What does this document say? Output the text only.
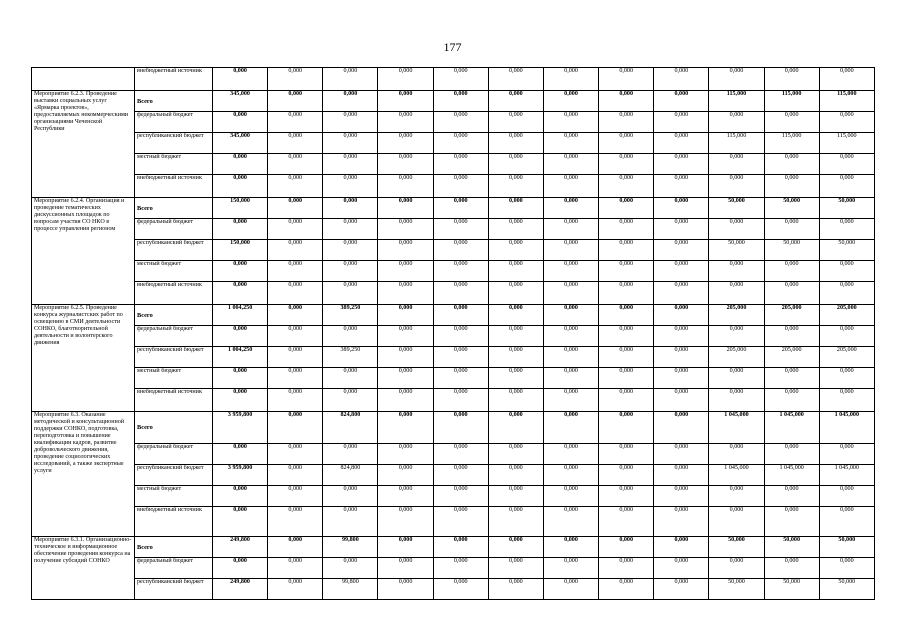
177
	внебюджетный источник	0,000	0,000	0,000	0,000	0,000	0,000	0,000	0,000	0,000	0,000	0,000	0,000
Мероприятие 6.2.3. Проведение выставки социальных услуг «Ярмарка проектов», предоставляемых некоммерческими организациями Чеченской Республики	Всего	345,000	0,000	0,000	0,000	0,000	0,000	0,000	0,000	0,000	115,000	115,000	115,000
	федеральный бюджет	0,000	0,000	0,000	0,000	0,000	0,000	0,000	0,000	0,000	0,000	0,000	0,000
	республиканский бюджет	345,000	0,000	0,000	0,000	0,000	0,000	0,000	0,000	0,000	115,000	115,000	115,000
	местный бюджет	0,000	0,000	0,000	0,000	0,000	0,000	0,000	0,000	0,000	0,000	0,000	0,000
	внебюджетный источник	0,000	0,000	0,000	0,000	0,000	0,000	0,000	0,000	0,000	0,000	0,000	0,000
Мероприятие 6.2.4. Организация и проведение тематических дискуссионных площадок по вопросам участия СО НКО в процессе управления регионом	Всего	150,000	0,000	0,000	0,000	0,000	0,000	0,000	0,000	0,000	50,000	50,000	50,000
	федеральный бюджет	0,000	0,000	0,000	0,000	0,000	0,000	0,000	0,000	0,000	0,000	0,000	0,000
	республиканский бюджет	150,000	0,000	0,000	0,000	0,000	0,000	0,000	0,000	0,000	50,000	50,000	50,000
	местный бюджет	0,000	0,000	0,000	0,000	0,000	0,000	0,000	0,000	0,000	0,000	0,000	0,000
	внебюджетный источник	0,000	0,000	0,000	0,000	0,000	0,000	0,000	0,000	0,000	0,000	0,000	0,000
Мероприятие 6.2.5. Проведение конкурса журналистских работ по освещению в СМИ деятельности СОНКО, благотворительной деятельности и волонтерского движения	Всего	1 004,250	0,000	389,250	0,000	0,000	0,000	0,000	0,000	0,000	205,000	205,000	205,000
	федеральный бюджет	0,000	0,000	0,000	0,000	0,000	0,000	0,000	0,000	0,000	0,000	0,000	0,000
	республиканский бюджет	1 004,250	0,000	389,250	0,000	0,000	0,000	0,000	0,000	0,000	205,000	205,000	205,000
	местный бюджет	0,000	0,000	0,000	0,000	0,000	0,000	0,000	0,000	0,000	0,000	0,000	0,000
	внебюджетный источник	0,000	0,000	0,000	0,000	0,000	0,000	0,000	0,000	0,000	0,000	0,000	0,000
Мероприятие 6.3. Оказание методической и консультационной поддержки СОНКО, подготовка, переподготовка и повышение квалификации кадров, развитие добровольческого движения, проведение социологических исследований, а также экспертные услуги	Всего	3 959,800	0,000	824,800	0,000	0,000	0,000	0,000	0,000	0,000	1 045,000	1 045,000	1 045,000
	федеральный бюджет	0,000	0,000	0,000	0,000	0,000	0,000	0,000	0,000	0,000	0,000	0,000	0,000
	республиканский бюджет	3 959,800	0,000	824,800	0,000	0,000	0,000	0,000	0,000	0,000	1 045,000	1 045,000	1 045,000
	местный бюджет	0,000	0,000	0,000	0,000	0,000	0,000	0,000	0,000	0,000	0,000	0,000	0,000
	внебюджетный источник	0,000	0,000	0,000	0,000	0,000	0,000	0,000	0,000	0,000	0,000	0,000	0,000
Мероприятие 6.3.1. Организационно-техническое и информационное обеспечение проведения конкурса на получение субсидий СОНКО	Всего	249,800	0,000	99,800	0,000	0,000	0,000	0,000	0,000	0,000	50,000	50,000	50,000
	федеральный бюджет	0,000	0,000	0,000	0,000	0,000	0,000	0,000	0,000	0,000	0,000	0,000	0,000
	республиканский бюджет	249,800	0,000	99,800	0,000	0,000	0,000	0,000	0,000	0,000	50,000	50,000	50,000
